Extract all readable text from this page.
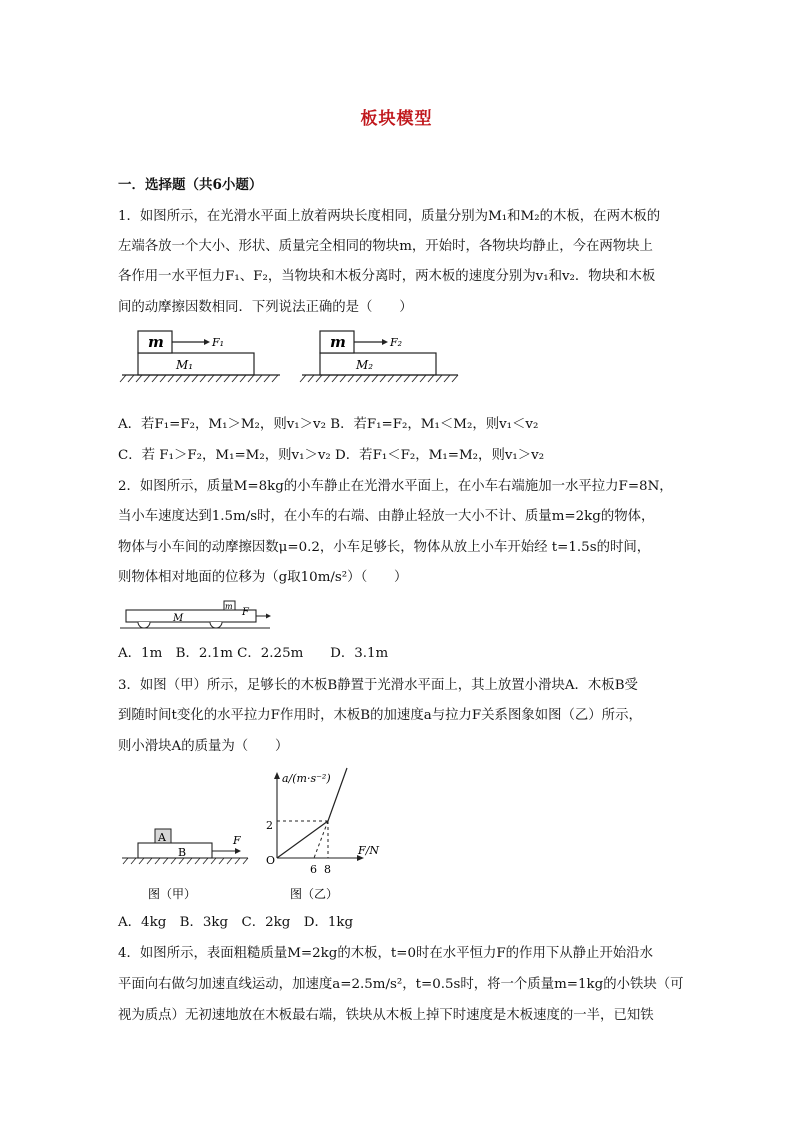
板块模型
一．选择题（共6小题）
1．如图所示，在光滑水平面上放着两块长度相同，质量分别为M₁和M₂的木板，在两木板的
左端各放一个大小、形状、质量完全相同的物块m，开始时，各物块均静止，今在两物块上
各作用一水平恒力F₁、F₂，当物块和木板分离时，两木板的速度分别为v₁和v₂．物块和木板
间的动摩擦因数相同．下列说法正确的是（　　）
m	F₁
M₁
m	F₂
M₂
A．若F₁=F₂，M₁＞M₂，则v₁＞v₂ B．若F₁=F₂，M₁＜M₂，则v₁＜v₂
C．若 F₁＞F₂，M₁=M₂，则v₁＞v₂ D．若F₁＜F₂，M₁=M₂，则v₁＞v₂
2．如图所示，质量M=8kg的小车静止在光滑水平面上，在小车右端施加一水平拉力F=8N，
当小车速度达到1.5m/s时，在小车的右端、由静止轻放一大小不计、质量m=2kg的物体，
物体与小车间的动摩擦因数μ=0.2，小车足够长，物体从放上小车开始经 t=1.5s的时间，
则物体相对地面的位移为（g取10m/s²）（　　）
m
M
F
A．1m　B．2.1m C．2.25m　　D．3.1m
3．如图（甲）所示，足够长的木板B静置于光滑水平面上，其上放置小滑块A．木板B受
到随时间t变化的水平拉力F作用时，木板B的加速度a与拉力F关系图象如图（乙）所示，
则小滑块A的质量为（　　）
A
B
F
图（甲）
a/(m·s⁻²)
F/N
O
2
6 8
图（乙）
A．4kg　B．3kg　C．2kg　D．1kg
4．如图所示，表面粗糙质量M=2kg的木板，t=0时在水平恒力F的作用下从静止开始沿水
平面向右做匀加速直线运动，加速度a=2.5m/s²，t=0.5s时，将一个质量m=1kg的小铁块（可
视为质点）无初速地放在木板最右端，铁块从木板上掉下时速度是木板速度的一半，已知铁
